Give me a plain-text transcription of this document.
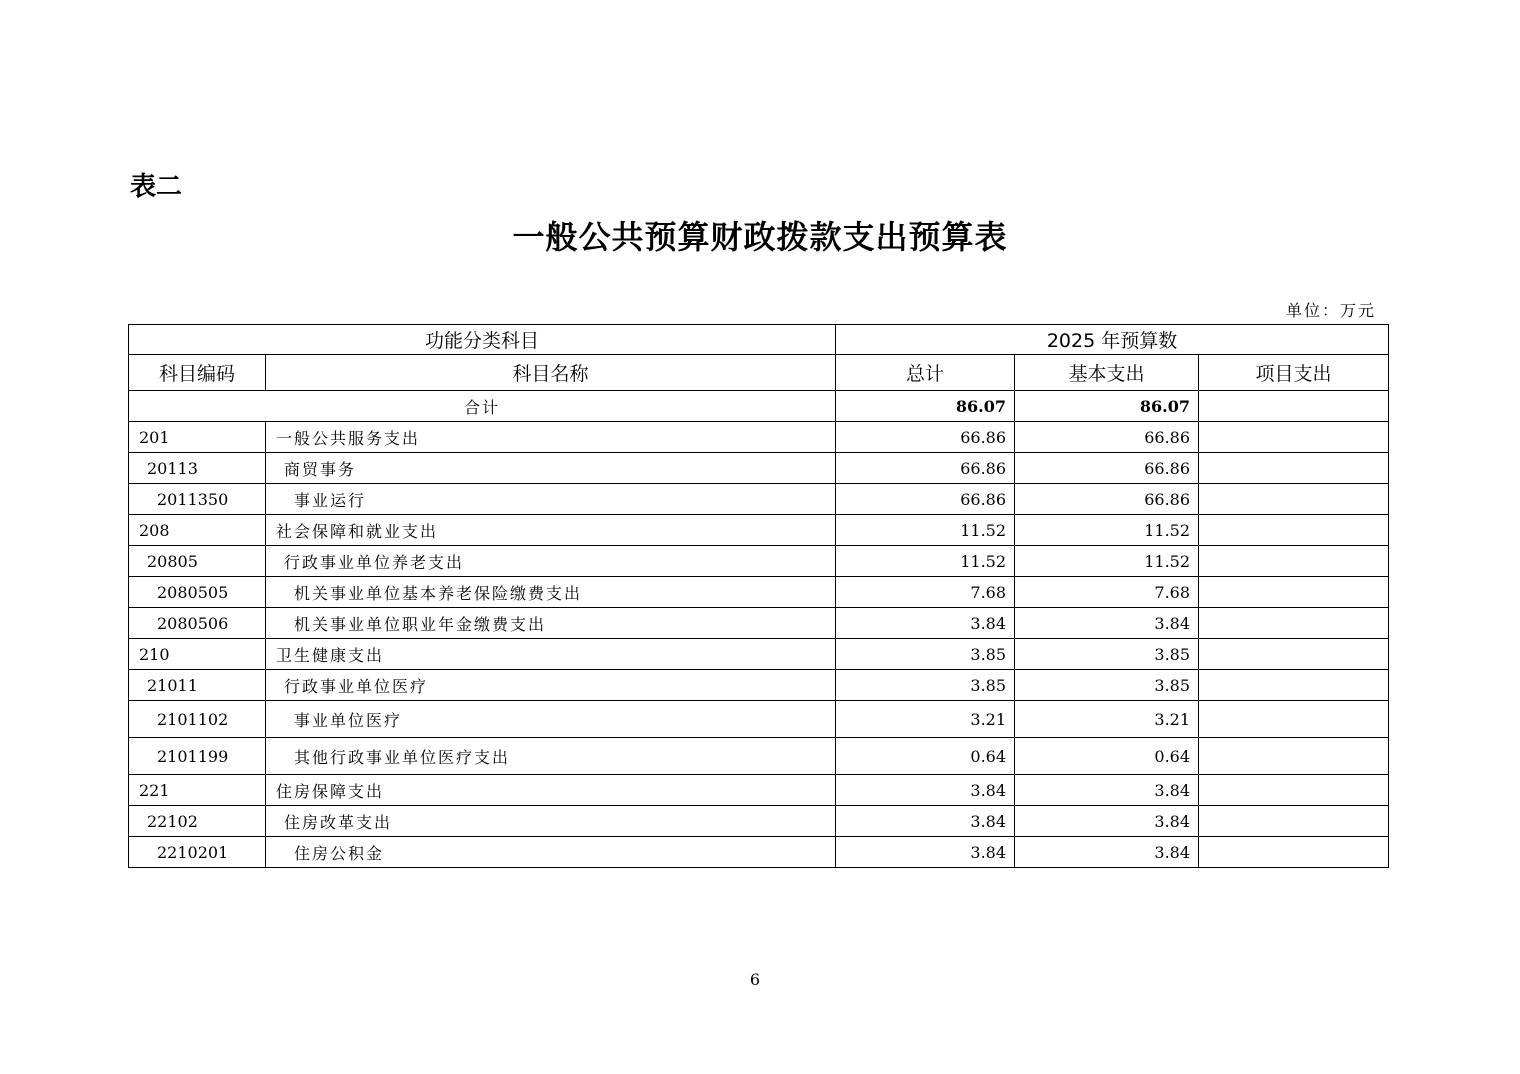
表二
一般公共预算财政拨款支出预算表
单位：万元
功能分类科目		2025 年预算数		
科目编码	科目名称	总计	基本支出	项目支出
合计		86.07	86.07	
201	一般公共服务支出	66.86	66.86	
20113	商贸事务	66.86	66.86	
2011350	事业运行	66.86	66.86	
208	社会保障和就业支出	11.52	11.52	
20805	行政事业单位养老支出	11.52	11.52	
2080505	机关事业单位基本养老保险缴费支出	7.68	7.68	
2080506	机关事业单位职业年金缴费支出	3.84	3.84	
210	卫生健康支出	3.85	3.85	
21011	行政事业单位医疗	3.85	3.85	
2101102	事业单位医疗	3.21	3.21	
2101199	其他行政事业单位医疗支出	0.64	0.64	
221	住房保障支出	3.84	3.84	
22102	住房改革支出	3.84	3.84	
2210201	住房公积金	3.84	3.84	
6
